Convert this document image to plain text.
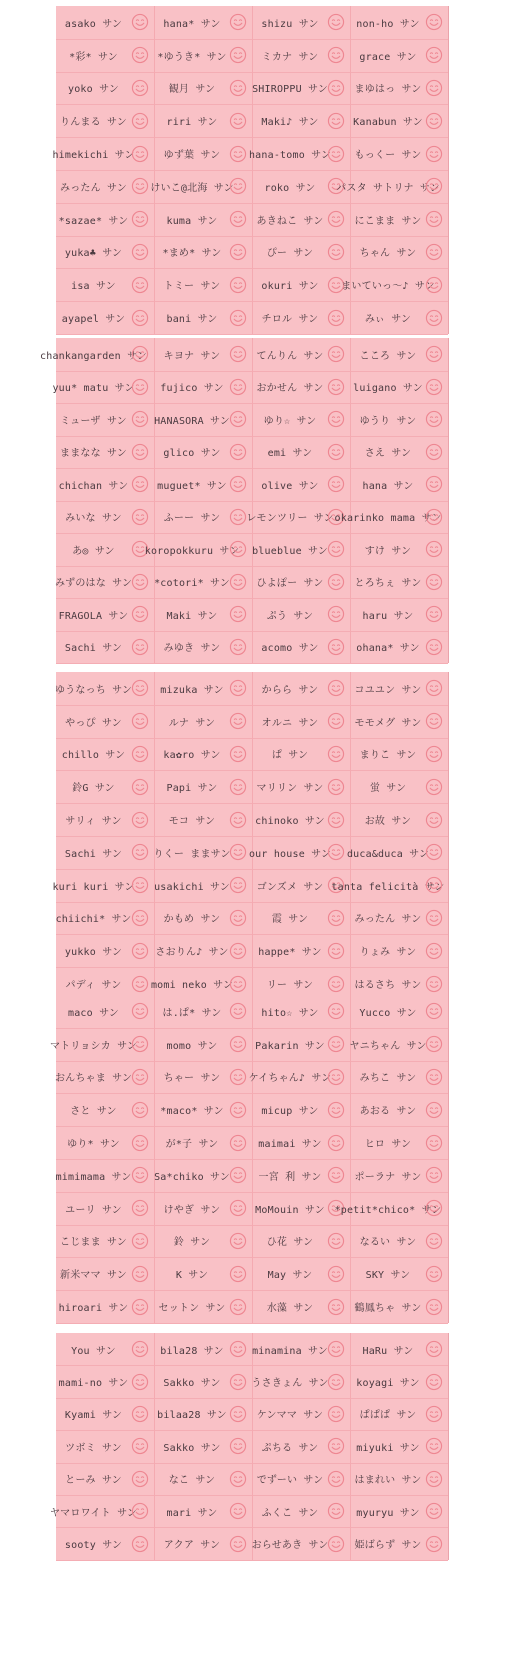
asako サン	hana* サン	shizu サン	non-ho サン
*彩* サン	*ゆうき* サン	ミカナ サン	grace サン
yoko サン	観月 サン	SHIROPPU サン	まゆはっ サン
りんまる サン	riri サン	Maki♪ サン	Kanabun サン
himekichi サン	ゆず葉 サン	hana-tomo サン もっくー サン
みったん サン けいこ@北海 サン	roko サン	パスタ サトリナ サン
*sazae* サン	kuma サン	あきねこ サン	にこまま サン
yuka♣ サン	*まめ* サン	ぴー サン	ちゃん サン
isa サン	トミー サン	okuri サン	まいていっ～♪ サン
ayapel サン	bani サン	チロル サン	みぃ サン
chankangarden サン	キヨナ サン	てんりん サン	こころ サン
yuu* matu サン	fujico サン	おかせん サン	luigano サン
ミューザ サン	HANASORA サン	ゆり☆ サン	ゆうり サン
ままなな サン	glico サン	emi サン	さえ サン
chichan サン	muguet* サン	olive サン	hana サン
みいな サン	ふーー サン	レモンツリー サン okarinko mama サン
あ◎ サン	koropokkuru サン blueblue サン	すけ サン
みずのはな サン *cotori* サン	ひよぽー サン	とろちぇ サン
FRAGOLA サン	Maki サン	ぷう サン	haru サン
Sachi サン	みゆき サン	acomo サン	ohana* サン
ゆうなっち サン	mizuka サン	からら サン	コユユン サン
やっぴ サン	ルナ サン	オルニ サン	モモメグ サン
chillo サン	ka✿ro サン	ぱ サン	まりこ サン
鈴G サン	Papi サン	マリリン サン	蛍 サン
サリィ サン	モコ サン	chinoko サン	お故 サン
Sachi サン	りくー ままサン our house サン duca&duca サン
kuri kuri サン usakichi サン	ゴンズメ サン tanta felicità サン
chiichi* サン	かもめ サン	霞 サン	みったん サン
yukko サン	さおりん♪ サン	happe* サン	りょみ サン
パディ サン	momi neko サン	リー サン	はるさち サン
maco サン	は.ぱ* サン	hito☆ サン	Yucco サン
マトリョシカ サン	momo サン	Pakarin サン ヤニちゃん サン
おんちゃま サン	ちゃー サン	ケイちゃん♪ サン	みちこ サン
さと サン	*maco* サン	micup サン	あおる サン
ゆり* サン	が*子 サン	maimai サン	ヒロ サン
mimimama サン Sa*chiko サン	一宮 利 サン	ポーラナ サン
ユーリ サン	けやぎ サン	MoMouin サン *petit*chico* サン
こじまま サン	鈴 サン	ひ花 サン	なるい サン
新米ママ サン	K サン	May サン	SKY サン
hiroari サン	セットン サン	水藻 サン	鶴鳳ちゃ サン
You サン	bila28 サン	minamina サン	HaRu サン
mami-no サン	Sakko サン	うさきょん サン	koyagi サン
Kyami サン	bilaa28 サン	ケンママ サン	ぱぱぱ サン
ツボミ サン	Sakko サン	ぷちる サン	miyuki サン
とーみ サン	なこ サン	でずーい サン	はまれい サン
ヤマロワイト サン	mari サン	ふくこ サン	myuryu サン
sooty サン	アクア サン	おらせあき サン	姫ばらず サン
